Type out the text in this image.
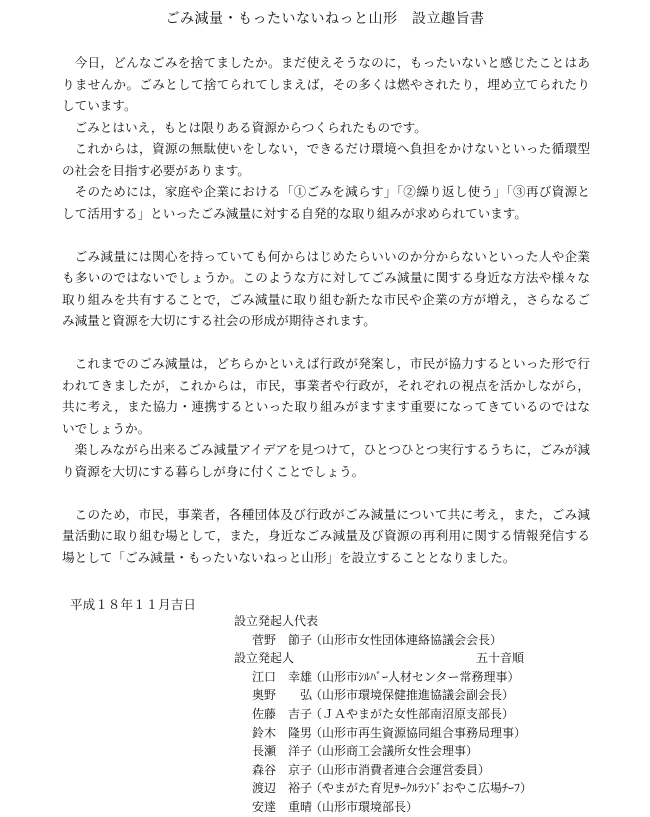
ごみ減量・もったいないねっと山形　設立趣旨書

今日，どんなごみを捨てましたか。まだ使えそうなのに，もったいないと感じたことはありませんか。ごみとして捨てられてしまえば，その多くは燃やされたり，埋め立てられたりしています。

ごみとはいえ，もとは限りある資源からつくられたものです。

これからは，資源の無駄使いをしない，できるだけ環境へ負担をかけないといった循環型の社会を目指す必要があります。

そのためには，家庭や企業における「①ごみを減らす」「②繰り返し使う」「③再び資源として活用する」といったごみ減量に対する自発的な取り組みが求められています。

ごみ減量には関心を持っていても何からはじめたらいいのか分からないといった人や企業も多いのではないでしょうか。このような方に対してごみ減量に関する身近な方法や様々な取り組みを共有することで，ごみ減量に取り組む新たな市民や企業の方が増え，さらなるごみ減量と資源を大切にする社会の形成が期待されます。

これまでのごみ減量は，どちらかといえば行政が発案し，市民が協力するといった形で行われてきましたが，これからは，市民，事業者や行政が，それぞれの視点を活かしながら，共に考え，また協力・連携するといった取り組みがますます重要になってきているのではないでしょうか。

楽しみながら出来るごみ減量アイデアを見つけて，ひとつひとつ実行するうちに，ごみが減り資源を大切にする暮らしが身に付くことでしょう。

このため，市民，事業者，各種団体及び行政がごみ減量について共に考え，また，ごみ減量活動に取り組む場として，また，身近なごみ減量及び資源の再利用に関する情報発信する場として「ごみ減量・もったいないねっと山形」を設立することとなりました。

平成１８年１１月吉日
設立発起人代表
菅野　節子
（山形市女性団体連絡協議会会長）
設立発起人	五十音順
江口　幸雄
（山形市ｼﾙﾊﾞｰ人材センター常務理事）
奥野　　弘
（山形市環境保健推進協議会副会長）
佐藤　吉子
（ＪＡやまがた女性部南沼原支部長）
鈴木　隆男
（山形市再生資源協同組合事務局理事）
長瀬　洋子
（山形商工会議所女性会理事）
森谷　京子
（山形市消費者連合会運営委員）
渡辺　裕子
（やまがた育児ｻｰｸﾙﾗﾝﾄﾞおやこ広場ﾁｰﾌ）
安達　重晴
（山形市環境部長）
